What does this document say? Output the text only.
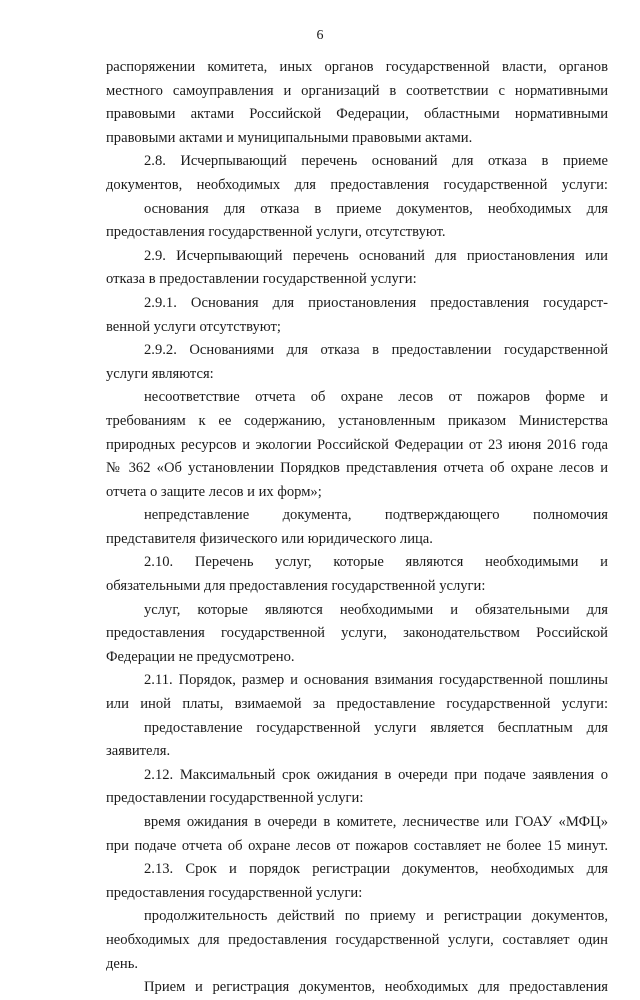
6
распоряжении комитета, иных органов государственной власти, органов
местного самоуправления и организаций в соответствии с нормативными
правовыми актами Российской Федерации, областными нормативными
правовыми актами и муниципальными правовыми актами.
2.8. Исчерпывающий перечень оснований для отказа в приеме
документов, необходимых для предоставления государственной услуги:
основания для отказа в приеме документов, необходимых для
предоставления государственной услуги, отсутствуют.
2.9. Исчерпывающий перечень оснований для приостановления или
отказа в предоставлении государственной услуги:
2.9.1. Основания для приостановления предоставления государст-
венной услуги отсутствуют;
2.9.2. Основаниями для отказа в предоставлении государственной
услуги являются:
несоответствие отчета об охране лесов от пожаров форме и
требованиям к ее содержанию, установленным приказом Министерства
природных ресурсов и экологии Российской Федерации от 23 июня 2016 года
№ 362 «Об установлении Порядков представления отчета об охране лесов и
отчета о защите лесов и их форм»;
непредставление документа, подтверждающего полномочия
представителя физического или юридического лица.
2.10. Перечень услуг, которые являются необходимыми и
обязательными для предоставления государственной услуги:
услуг, которые являются необходимыми и обязательными для
предоставления государственной услуги, законодательством Российской
Федерации не предусмотрено.
2.11. Порядок, размер и основания взимания государственной пошлины
или иной платы, взимаемой за предоставление государственной услуги:
предоставление государственной услуги является бесплатным для
заявителя.
2.12. Максимальный срок ожидания в очереди при подаче заявления о
предоставлении государственной услуги:
время ожидания в очереди в комитете, лесничестве или ГОАУ «МФЦ»
при подаче отчета об охране лесов от пожаров составляет не более 15 минут.
2.13. Срок и порядок регистрации документов, необходимых для
предоставления государственной услуги:
продолжительность действий по приему и регистрации документов,
необходимых для предоставления государственной услуги, составляет один
день.
Прием и регистрация документов, необходимых для предоставления
